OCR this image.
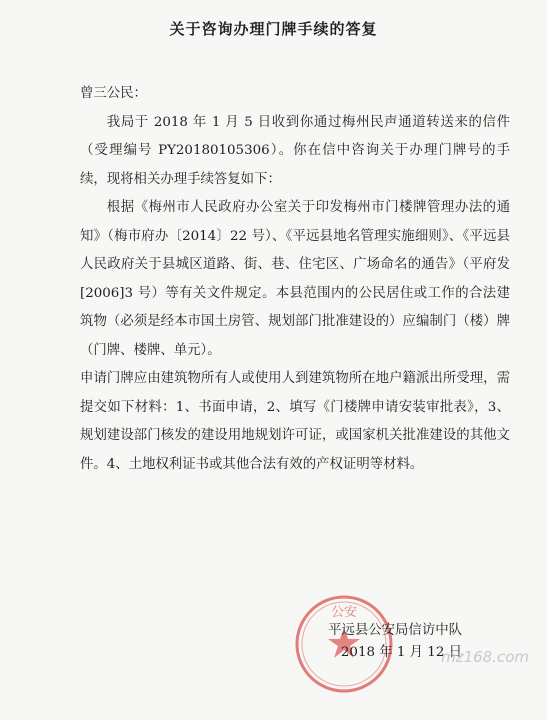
关于咨询办理门牌手续的答复

曾三公民：

我局于 2018 年 1 月 5 日收到你通过梅州民声通道转送来的信件（受理编号 PY20180105306）。你在信中咨询关于办理门牌号的手续，现将相关办理手续答复如下：

根据《梅州市人民政府办公室关于印发梅州市门楼牌管理办法的通知》（梅市府办〔2014〕22 号）、《平远县地名管理实施细则》、《平远县人民政府关于县城区道路、街、巷、住宅区、广场命名的通告》（平府发[2006]3 号）等有关文件规定。本县范围内的公民居住或工作的合法建筑物（必须是经本市国土房管、规划部门批准建设的）应编制门（楼）牌（门牌、楼牌、单元）。

申请门牌应由建筑物所有人或使用人到建筑物所在地户籍派出所受理，需提交如下材料：1、书面申请，2、填写《门楼牌申请安装审批表》，3、规划建设部门核发的建设用地规划许可证，或国家机关批准建设的其他文件。4、土地权利证书或其他合法有效的产权证明等材料。

公安
平远县公安局信访中队
2018 年 1 月 12 日
mz168.com
